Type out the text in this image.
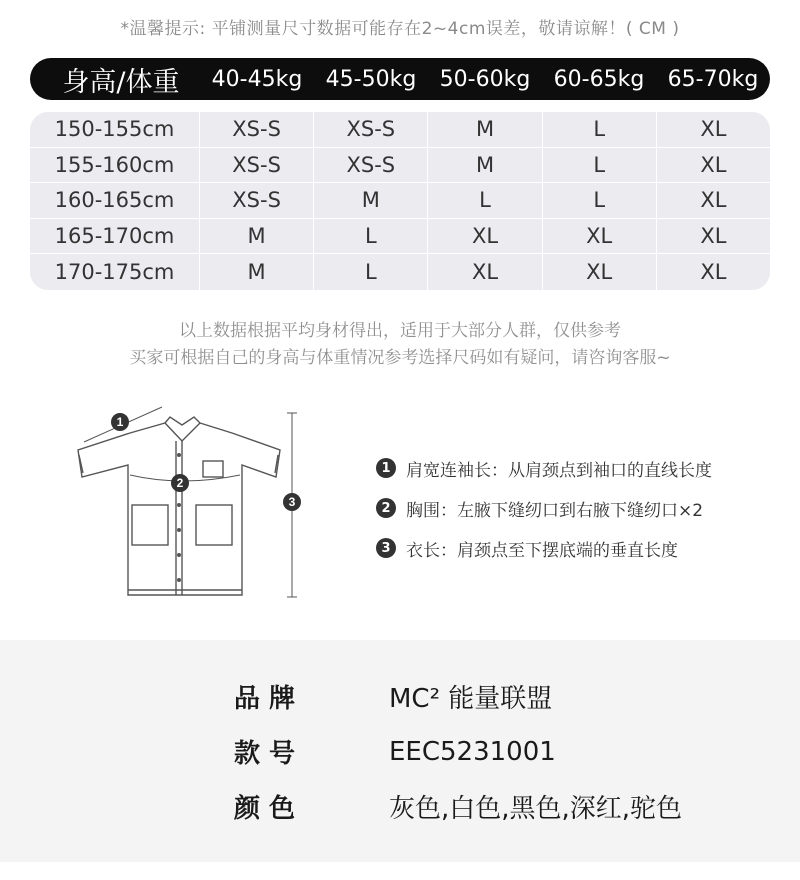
*温馨提示: 平铺测量尺寸数据可能存在2~4cm误差，敬请谅解！( CM )
身高/体重	40-45kg	45-50kg	50-60kg	60-65kg	65-70kg
150-155cm	XS-S	XS-S	M	L	XL
155-160cm	XS-S	XS-S	M	L	XL
160-165cm	XS-S	M	L	L	XL
165-170cm	M	L	XL	XL	XL
170-175cm	M	L	XL	XL	XL
以上数据根据平均身材得出，适用于大部分人群，仅供参考
买家可根据自己的身高与体重情况参考选择尺码如有疑问，请咨询客服~
1
2
3
1 肩宽连袖长：从肩颈点到袖口的直线长度
2 胸围：左腋下缝纫口到右腋下缝纫口×2
3 衣长：肩颈点至下摆底端的垂直长度
品 牌	MC² 能量联盟
款 号	EEC5231001
颜 色	灰色,白色,黑色,深红,驼色
